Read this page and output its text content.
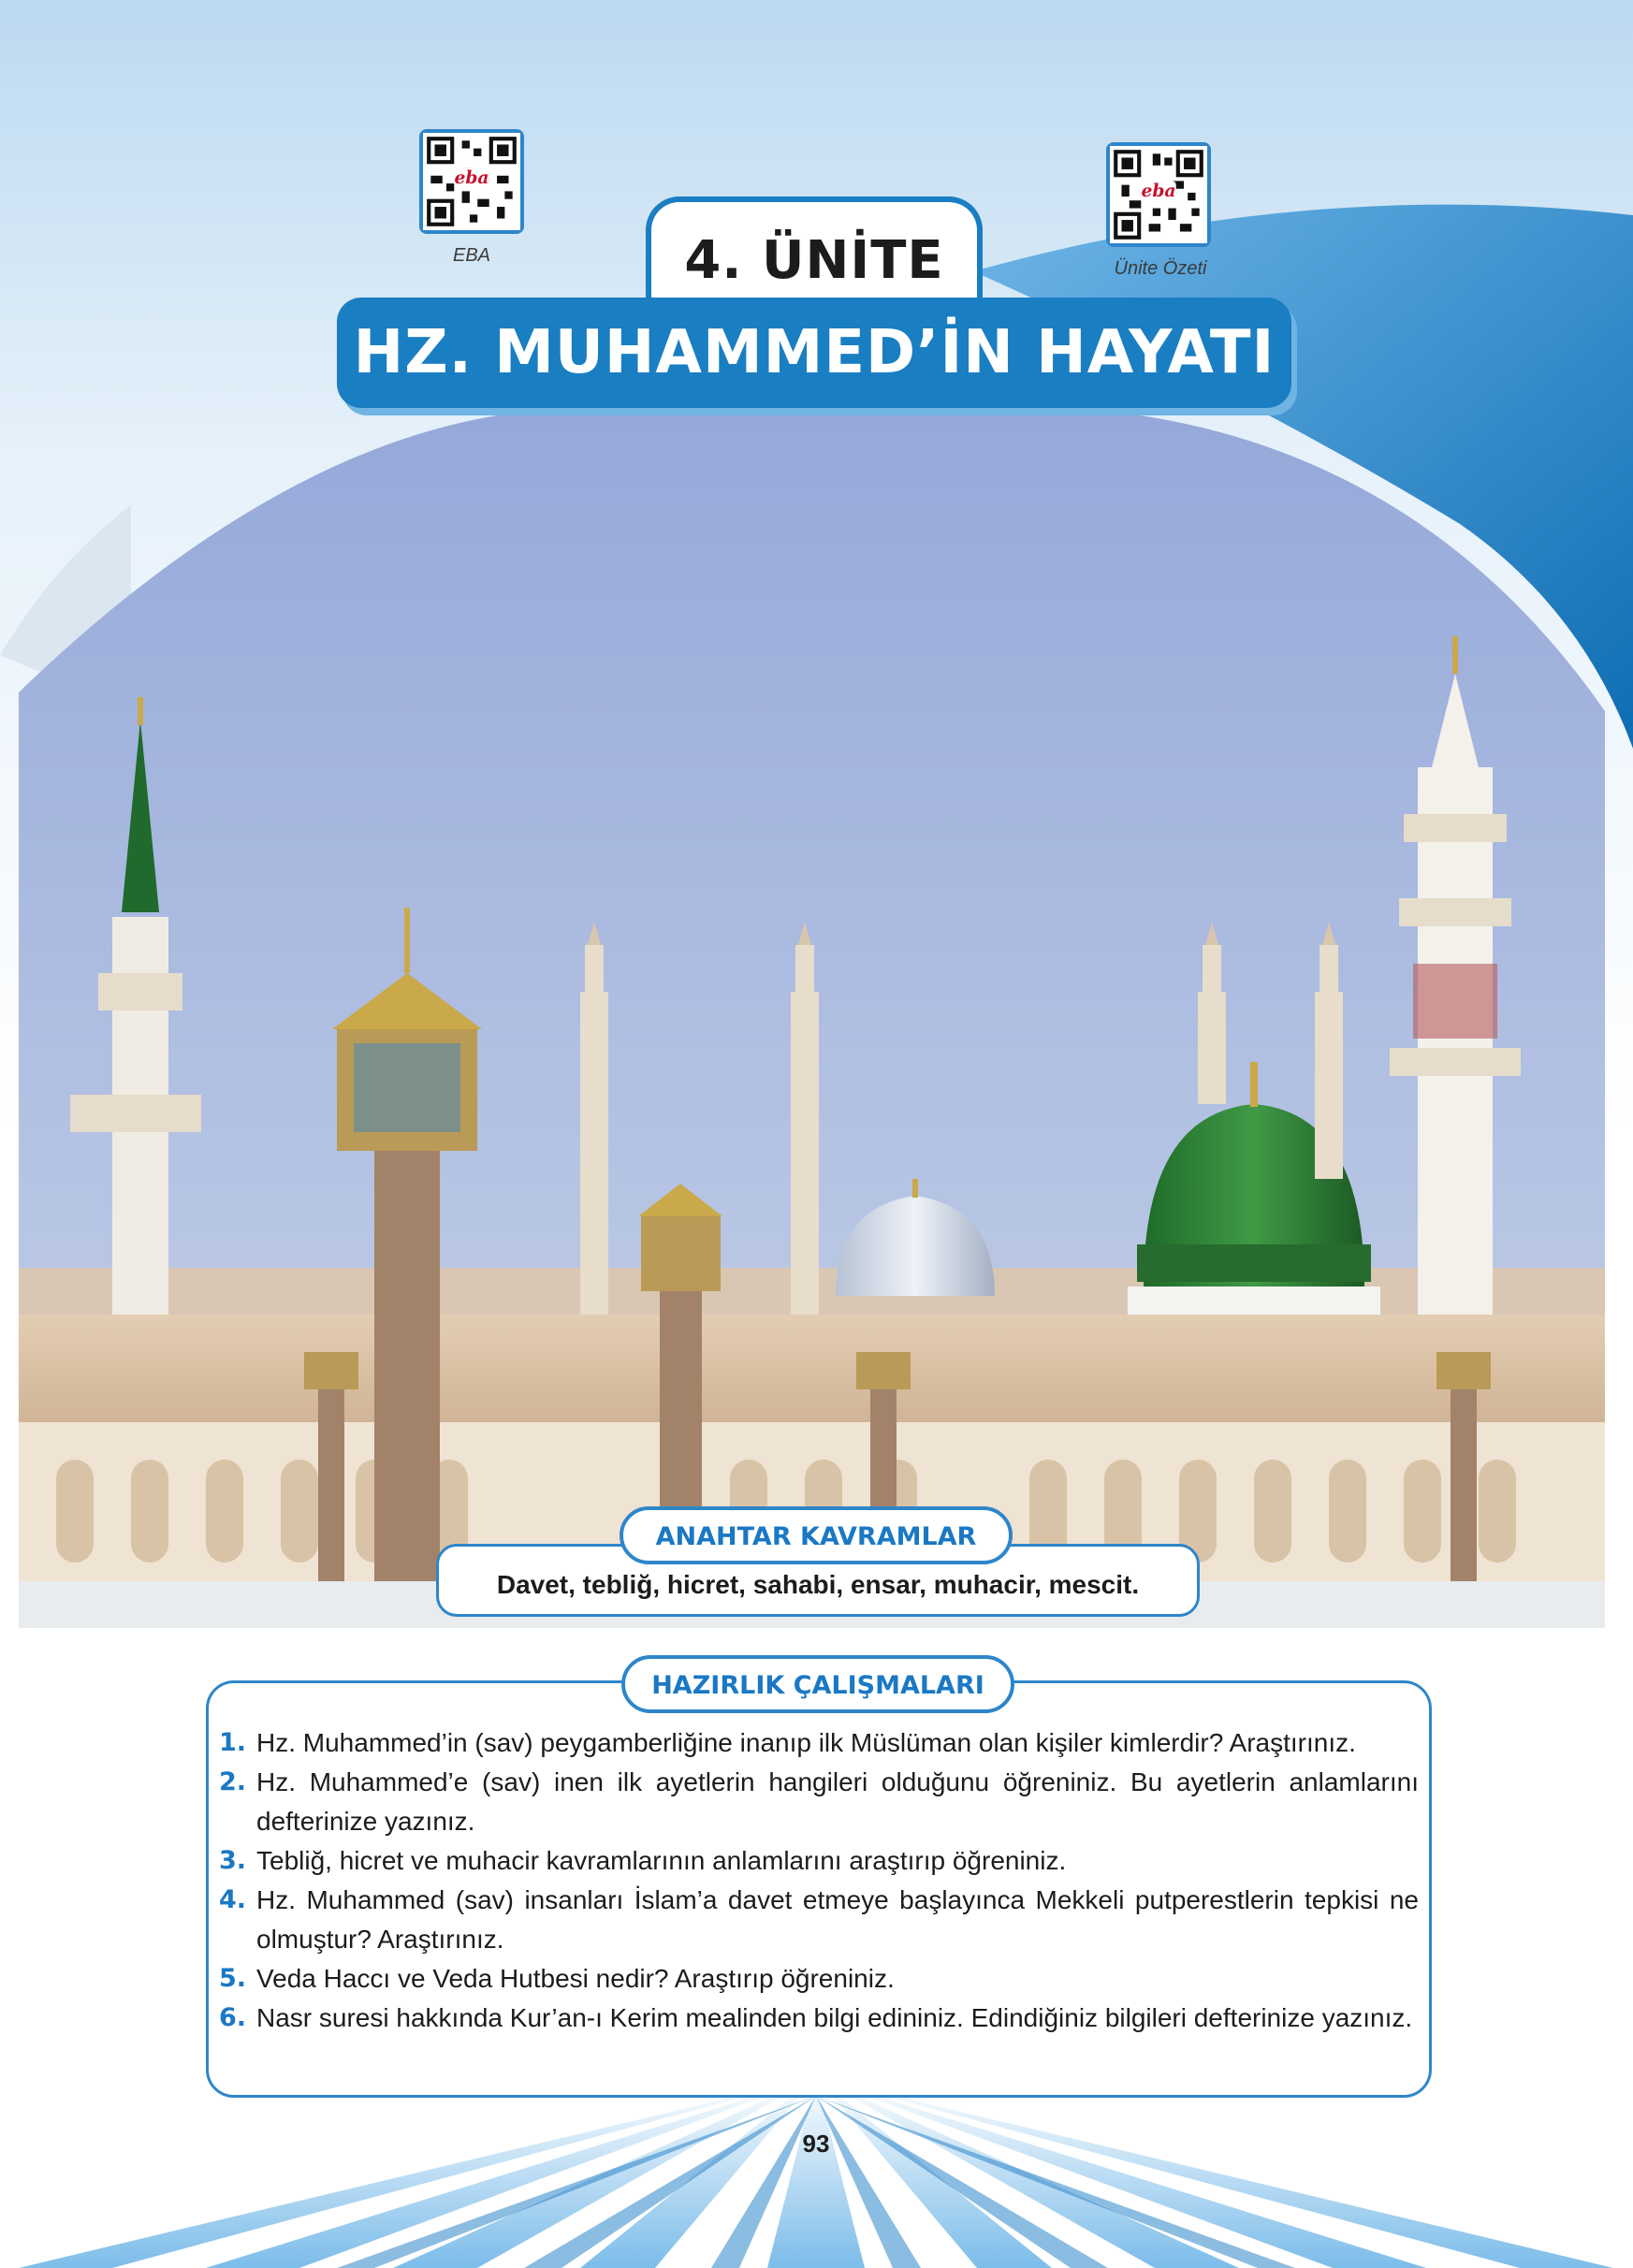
eba
EBA
eba
Ünite Özeti
4. ÜNİTE
HZ. MUHAMMED’İN HAYATI
ANAHTAR KAVRAMLAR
Davet, tebliğ, hicret, sahabi, ensar, muhacir, mescit.
HAZIRLIK ÇALIŞMALARI
1. Hz. Muhammed’in (sav) peygamberliğine inanıp ilk Müslüman olan kişiler kimlerdir? Araştırınız.
2. Hz. Muhammed’e (sav) inen ilk ayetlerin hangileri olduğunu öğreniniz. Bu ayetlerin anlamlarını defterinize yazınız.
3. Tebliğ, hicret ve muhacir kavramlarının anlamlarını araştırıp öğreniniz.
4. Hz. Muhammed (sav) insanları İslam’a davet etmeye başlayınca Mekkeli putperestlerin tepkisi ne olmuştur? Araştırınız.
5. Veda Haccı ve Veda Hutbesi nedir? Araştırıp öğreniniz.
6. Nasr suresi hakkında Kur’an-ı Kerim mealinden bilgi edininiz. Edindiğiniz bilgileri defterinize yazınız.
93
